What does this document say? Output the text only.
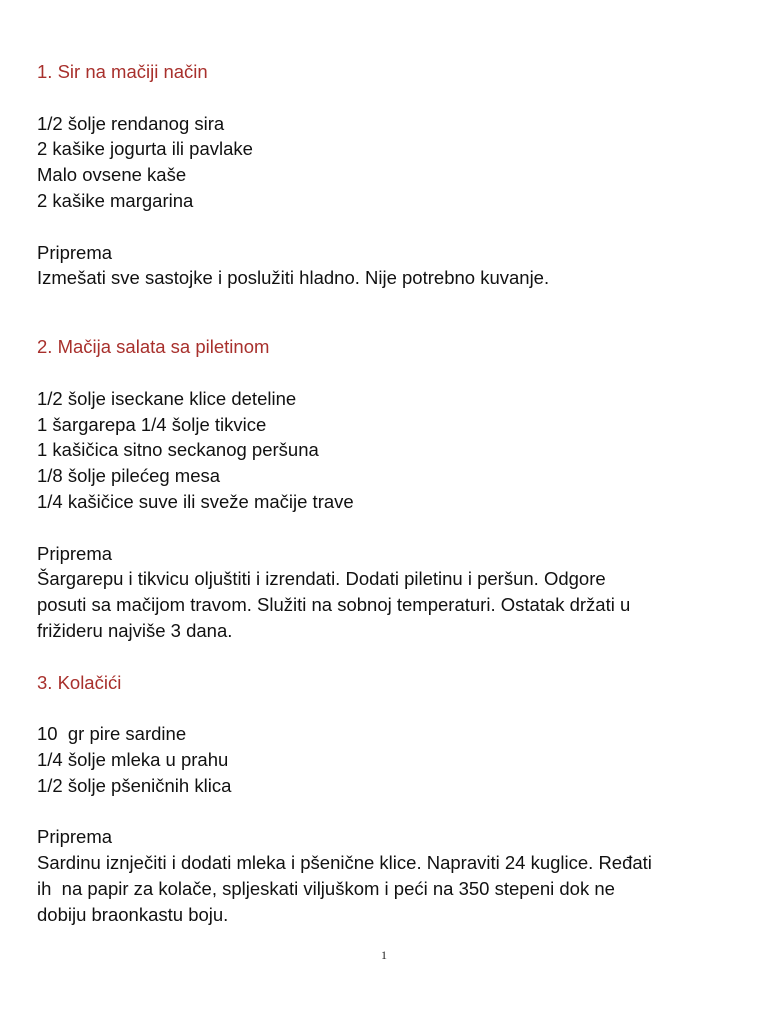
1. Sir na mačiji način
1/2 šolje rendanog sira
2 kašike jogurta ili pavlake
Malo ovsene kaše
2 kašike margarina
Priprema
Izmešati sve sastojke i poslužiti hladno. Nije potrebno kuvanje.
2. Mačija salata sa piletinom
1/2 šolje iseckane klice deteline
1 šargarepa 1/4 šolje tikvice
1 kašičica sitno seckanog peršuna
1/8 šolje pilećeg mesa
1/4 kašičice suve ili sveže mačije trave
Priprema
Šargarepu i tikvicu oljuštiti i izrendati. Dodati piletinu i peršun. Odgore
posuti sa mačijom travom. Služiti na sobnoj temperaturi. Ostatak držati u
frižideru najviše 3 dana.
3. Kolačići
10  gr pire sardine
1/4 šolje mleka u prahu
1/2 šolje pšeničnih klica
Priprema
Sardinu iznječiti i dodati mleka i pšenične klice. Napraviti 24 kuglice. Ređati
ih  na papir za kolače, spljeskati viljuškom i peći na 350 stepeni dok ne
dobiju braonkastu boju.
1
